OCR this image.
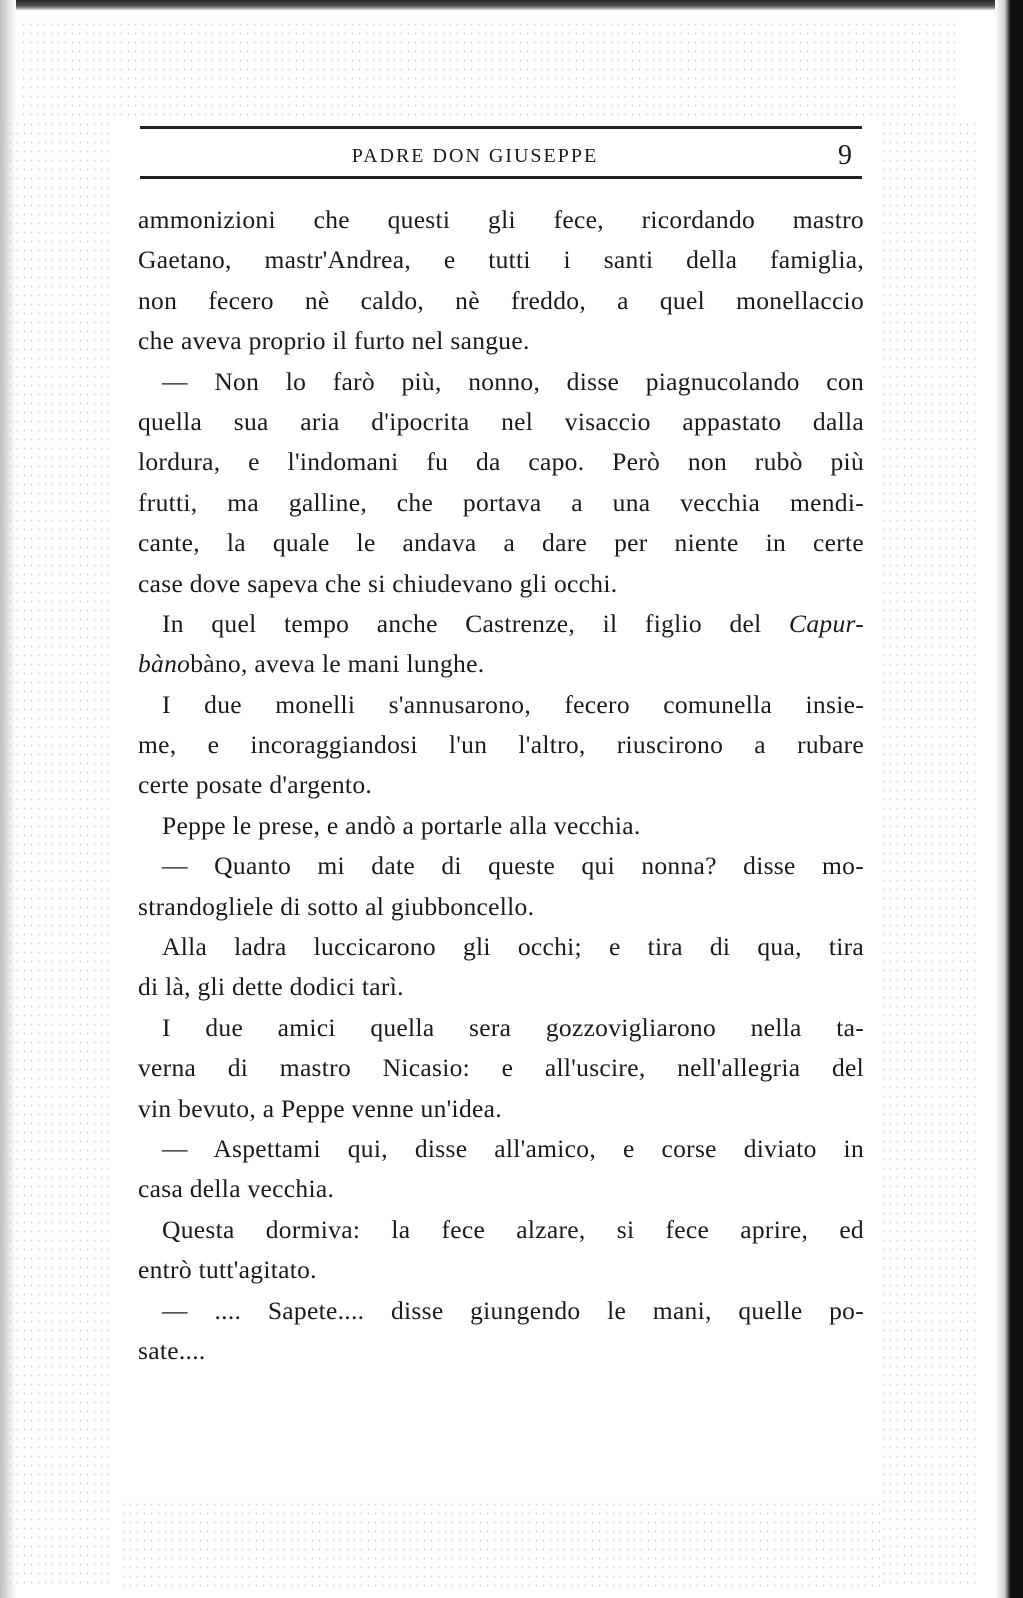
PADRE DON GIUSEPPE	9
ammonizioni che questi gli fece, ricordando mastro
Gaetano, mastr'Andrea, e tutti i santi della famiglia,
non fecero nè caldo, nè freddo, a quel monellaccio
che aveva proprio il furto nel sangue.
— Non lo farò più, nonno, disse piagnucolando con
quella sua aria d'ipocrita nel visaccio appastato dalla
lordura, e l'indomani fu da capo. Però non rubò più
frutti, ma galline, che portava a una vecchia mendi-
cante, la quale le andava a dare per niente in certe
case dove sapeva che si chiudevano gli occhi.
In quel tempo anche Castrenze, il figlio del Capur-
bànobàno, aveva le mani lunghe.
I due monelli s'annusarono, fecero comunella insie-
me, e incoraggiandosi l'un l'altro, riuscirono a rubare
certe posate d'argento.
Peppe le prese, e andò a portarle alla vecchia.
— Quanto mi date di queste qui nonna? disse mo-
strandogliele di sotto al giubboncello.
Alla ladra luccicarono gli occhi; e tira di qua, tira
di là, gli dette dodici tarì.
I due amici quella sera gozzovigliarono nella ta-
verna di mastro Nicasio: e all'uscire, nell'allegria del
vin bevuto, a Peppe venne un'idea.
— Aspettami qui, disse all'amico, e corse diviato in
casa della vecchia.
Questa dormiva: la fece alzare, si fece aprire, ed
entrò tutt'agitato.
— .... Sapete.... disse giungendo le mani, quelle po-
sate....
